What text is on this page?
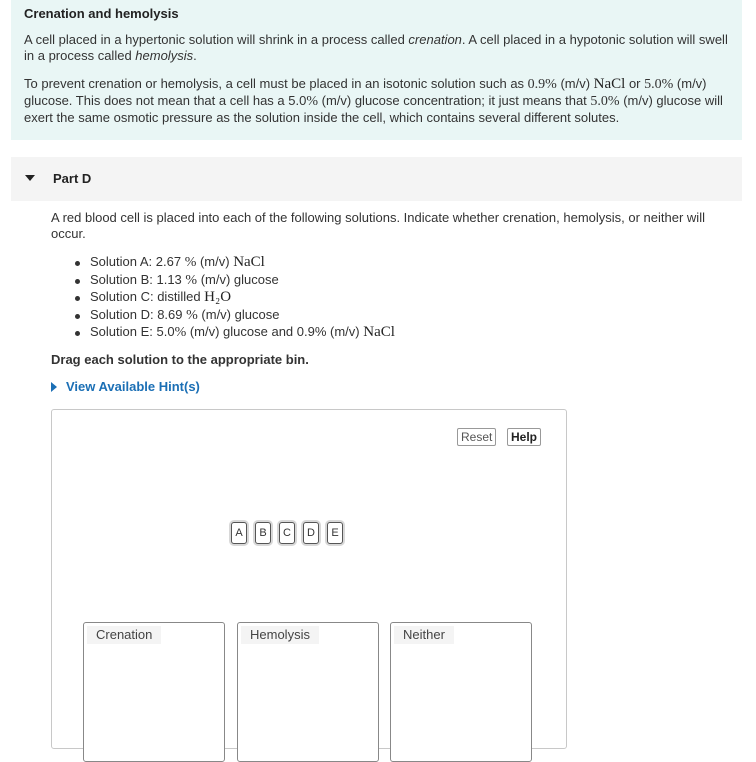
Crenation and hemolysis

A cell placed in a hypertonic solution will shrink in a process called crenation. A cell placed in a hypotonic solution will swell in a process called hemolysis.

To prevent crenation or hemolysis, a cell must be placed in an isotonic solution such as 0.9% (m/v) NaCl or 5.0% (m/v) glucose. This does not mean that a cell has a 5.0% (m/v) glucose concentration; it just means that 5.0% (m/v) glucose will exert the same osmotic pressure as the solution inside the cell, which contains several different solutes.

Part D

A red blood cell is placed into each of the following solutions. Indicate whether crenation, hemolysis, or neither will occur.

Solution A: 2.67 % (m/v) NaCl
Solution B: 1.13 % (m/v) glucose
Solution C: distilled H₂O
Solution D: 8.69 % (m/v) glucose
Solution E: 5.0% (m/v) glucose and 0.9% (m/v) NaCl
Drag each solution to the appropriate bin.
View Available Hint(s)
Reset	Help
A	B	C	D	E
Crenation	Hemolysis	Neither
